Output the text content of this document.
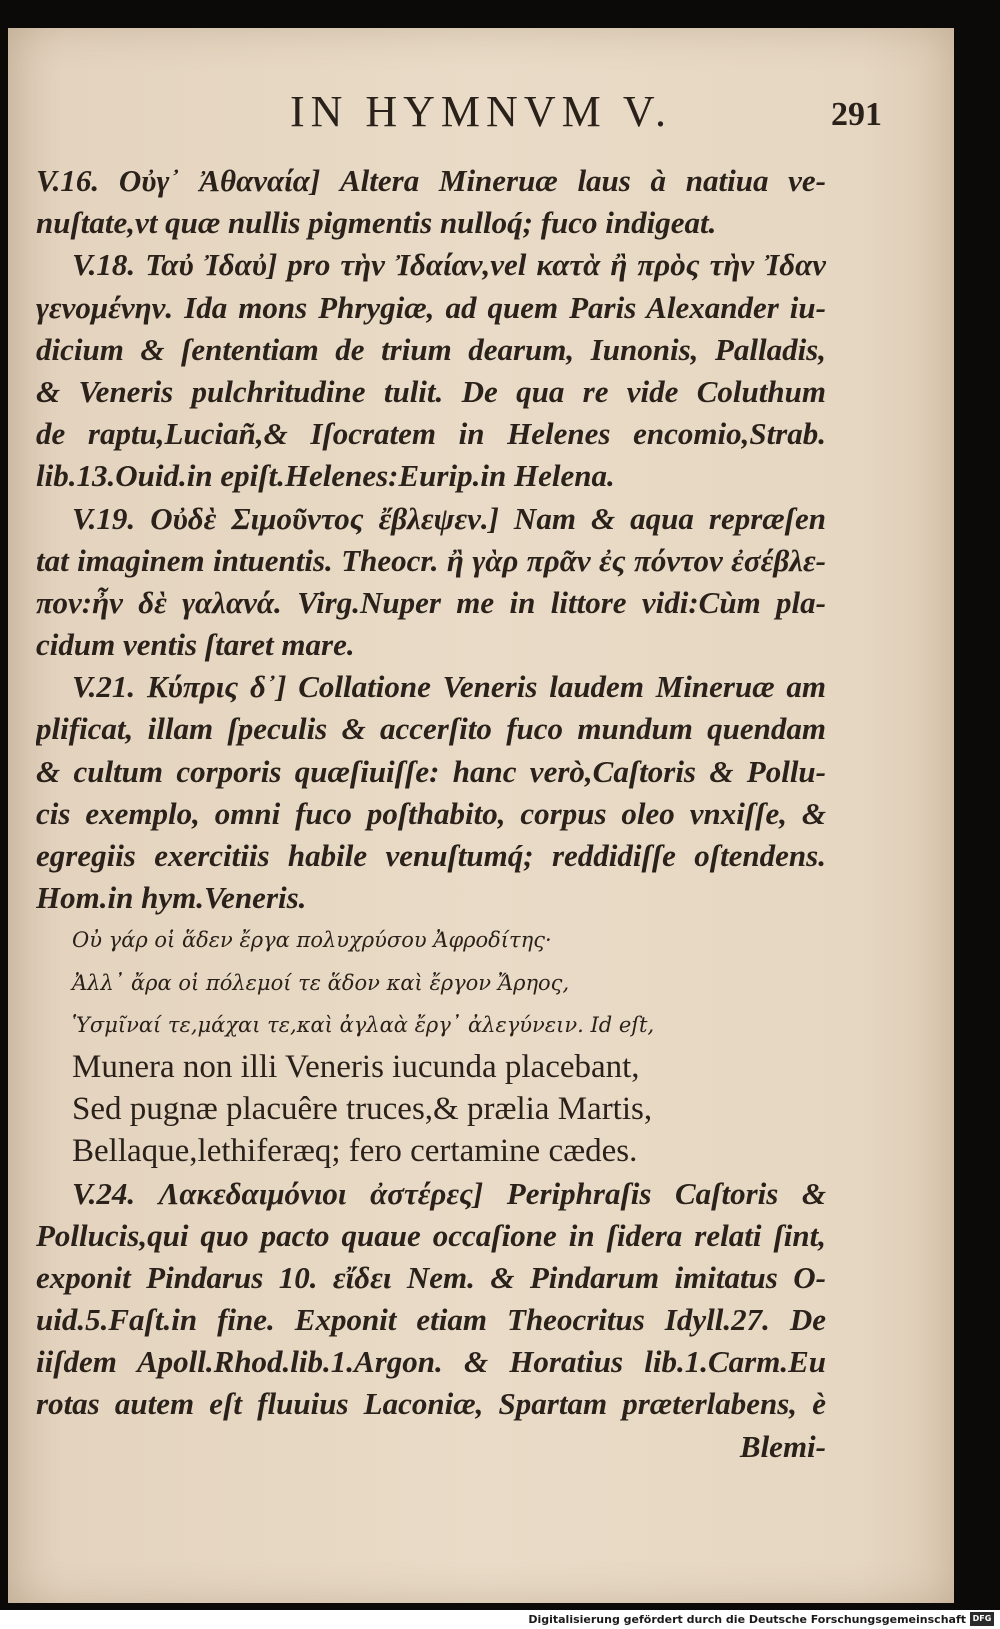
IN HYMNVM V.	291
V.16. Οὐγ᾽ Ἀθαναία] Altera Mineruæ laus à natiua ve-
nuſtate,vt quæ nullis pigmentis nulloq́; fuco indigeat.
V.18. Ταὐ Ἰδαὐ] pro τὴν Ἰδαίαν,vel κατὰ ἢ πρὸς τὴν Ἰδαν
γενομένην. Ida mons Phrygiæ, ad quem Paris Alexander iu-
dicium & ſententiam de trium dearum, Iunonis, Palladis,
& Veneris pulchritudine tulit. De qua re vide Coluthum
de raptu,Luciañ,& Iſocratem in Helenes encomio,Strab.
lib.13.Ouid.in epiſt.Helenes:Eurip.in Helena.
V.19. Οὐδὲ Σιμοῦντος ἔβλεψεν.] Nam & aqua repræſen
tat imaginem intuentis. Theocr. ἢ γὰρ πρᾶν ἐς πόντον ἐσέβλε-
πον:ἦν δὲ γαλανά. Virg.Nuper me in littore vidi:Cùm pla-
cidum ventis ſtaret mare.
V.21. Κύπρις δ᾽] Collatione Veneris laudem Mineruæ am
plificat, illam ſpeculis & accerſito fuco mundum quendam
& cultum corporis quæſiuiſſe: hanc verò,Caſtoris & Pollu-
cis exemplo, omni fuco poſthabito, corpus oleo vnxiſſe, &
egregiis exercitiis habile venuſtumq́; reddidiſſe oſtendens.
Hom.in hym.Veneris.
Οὐ γάρ οἱ ἅδεν ἔργα πολυχρύσου Ἀφροδίτης·
Ἀλλ᾽ ἄρα οἱ πόλεμοί τε ἅδον καὶ ἔργον Ἄρηος,
Ὑσμῖναί τε,μάχαι τε,καὶ ἀγλαὰ ἔργ᾽ ἀλεγύνειν. Id eſt,
Munera non illi Veneris iucunda placebant,
Sed pugnæ placuêre truces,& prælia Martis,
Bellaque,lethiferæq; fero certamine cædes.
V.24. Λακεδαιμόνιοι ἀστέρες] Periphraſis Caſtoris &
Pollucis,qui quo pacto quaue occaſione in ſidera relati ſint,
exponit Pindarus 10. εἴδει Nem. & Pindarum imitatus O-
uid.5.Faſt.in fine. Exponit etiam Theocritus Idyll.27. De
iiſdem Apoll.Rhod.lib.1.Argon. & Horatius lib.1.Carm.Eu
rotas autem eſt fluuius Laconiæ, Spartam præterlabens, è
Blemi-
Digitalisierung gefördert durch die Deutsche Forschungsgemeinschaft DFG
